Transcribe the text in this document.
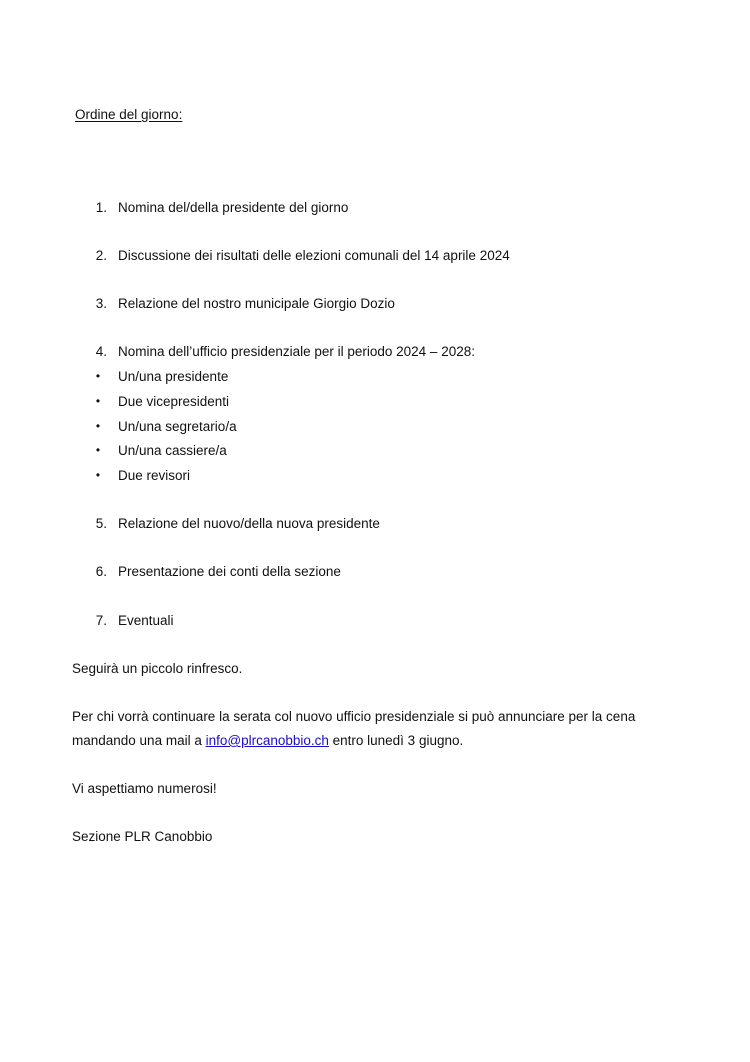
Ordine del giorno:
1. Nomina del/della presidente del giorno
2. Discussione dei risultati delle elezioni comunali del 14 aprile 2024
3. Relazione del nostro municipale Giorgio Dozio
4. Nomina dell’ufficio presidenziale per il periodo 2024 – 2028:
• Un/una presidente
• Due vicepresidenti
• Un/una segretario/a
• Un/una cassiere/a
• Due revisori
5. Relazione del nuovo/della nuova presidente
6. Presentazione dei conti della sezione
7. Eventuali
Seguirà un piccolo rinfresco.
Per chi vorrà continuare la serata col nuovo ufficio presidenziale si può annunciare per la cena mandando una mail a info@plrcanobbio.ch entro lunedì 3 giugno.
Vi aspettiamo numerosi!
Sezione PLR Canobbio
